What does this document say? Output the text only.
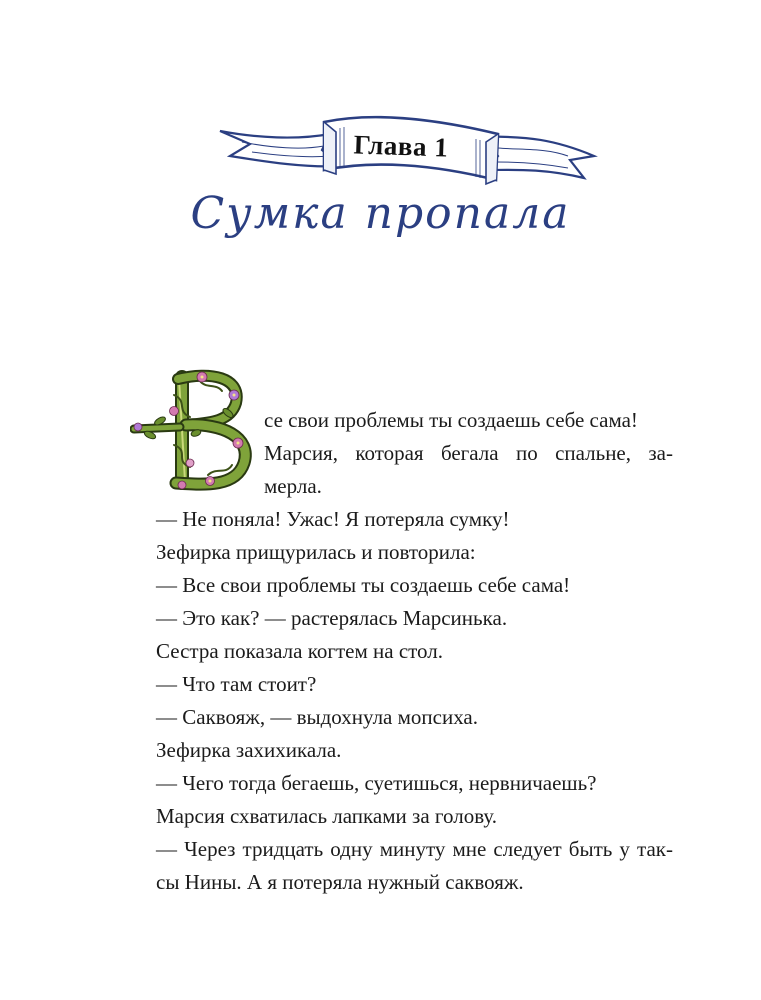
Глава 1
Сумка пропала
се свои проблемы ты создаешь себе сама!
Марсия, которая бегала по спальне, за-
мерла.
— Не поняла! Ужас! Я потеряла сумку!
Зефирка прищурилась и повторила:
— Все свои проблемы ты создаешь себе сама!
— Это как? — растерялась Марсинька.
Сестра показала когтем на стол.
— Что там стоит?
— Саквояж, — выдохнула мопсиха.
Зефирка захихикала.
— Чего тогда бегаешь, суетишься, нервничаешь?
Марсия схватилась лапками за голову.
— Через тридцать одну минуту мне следует быть у так-
сы Нины. А я потеряла нужный саквояж.
